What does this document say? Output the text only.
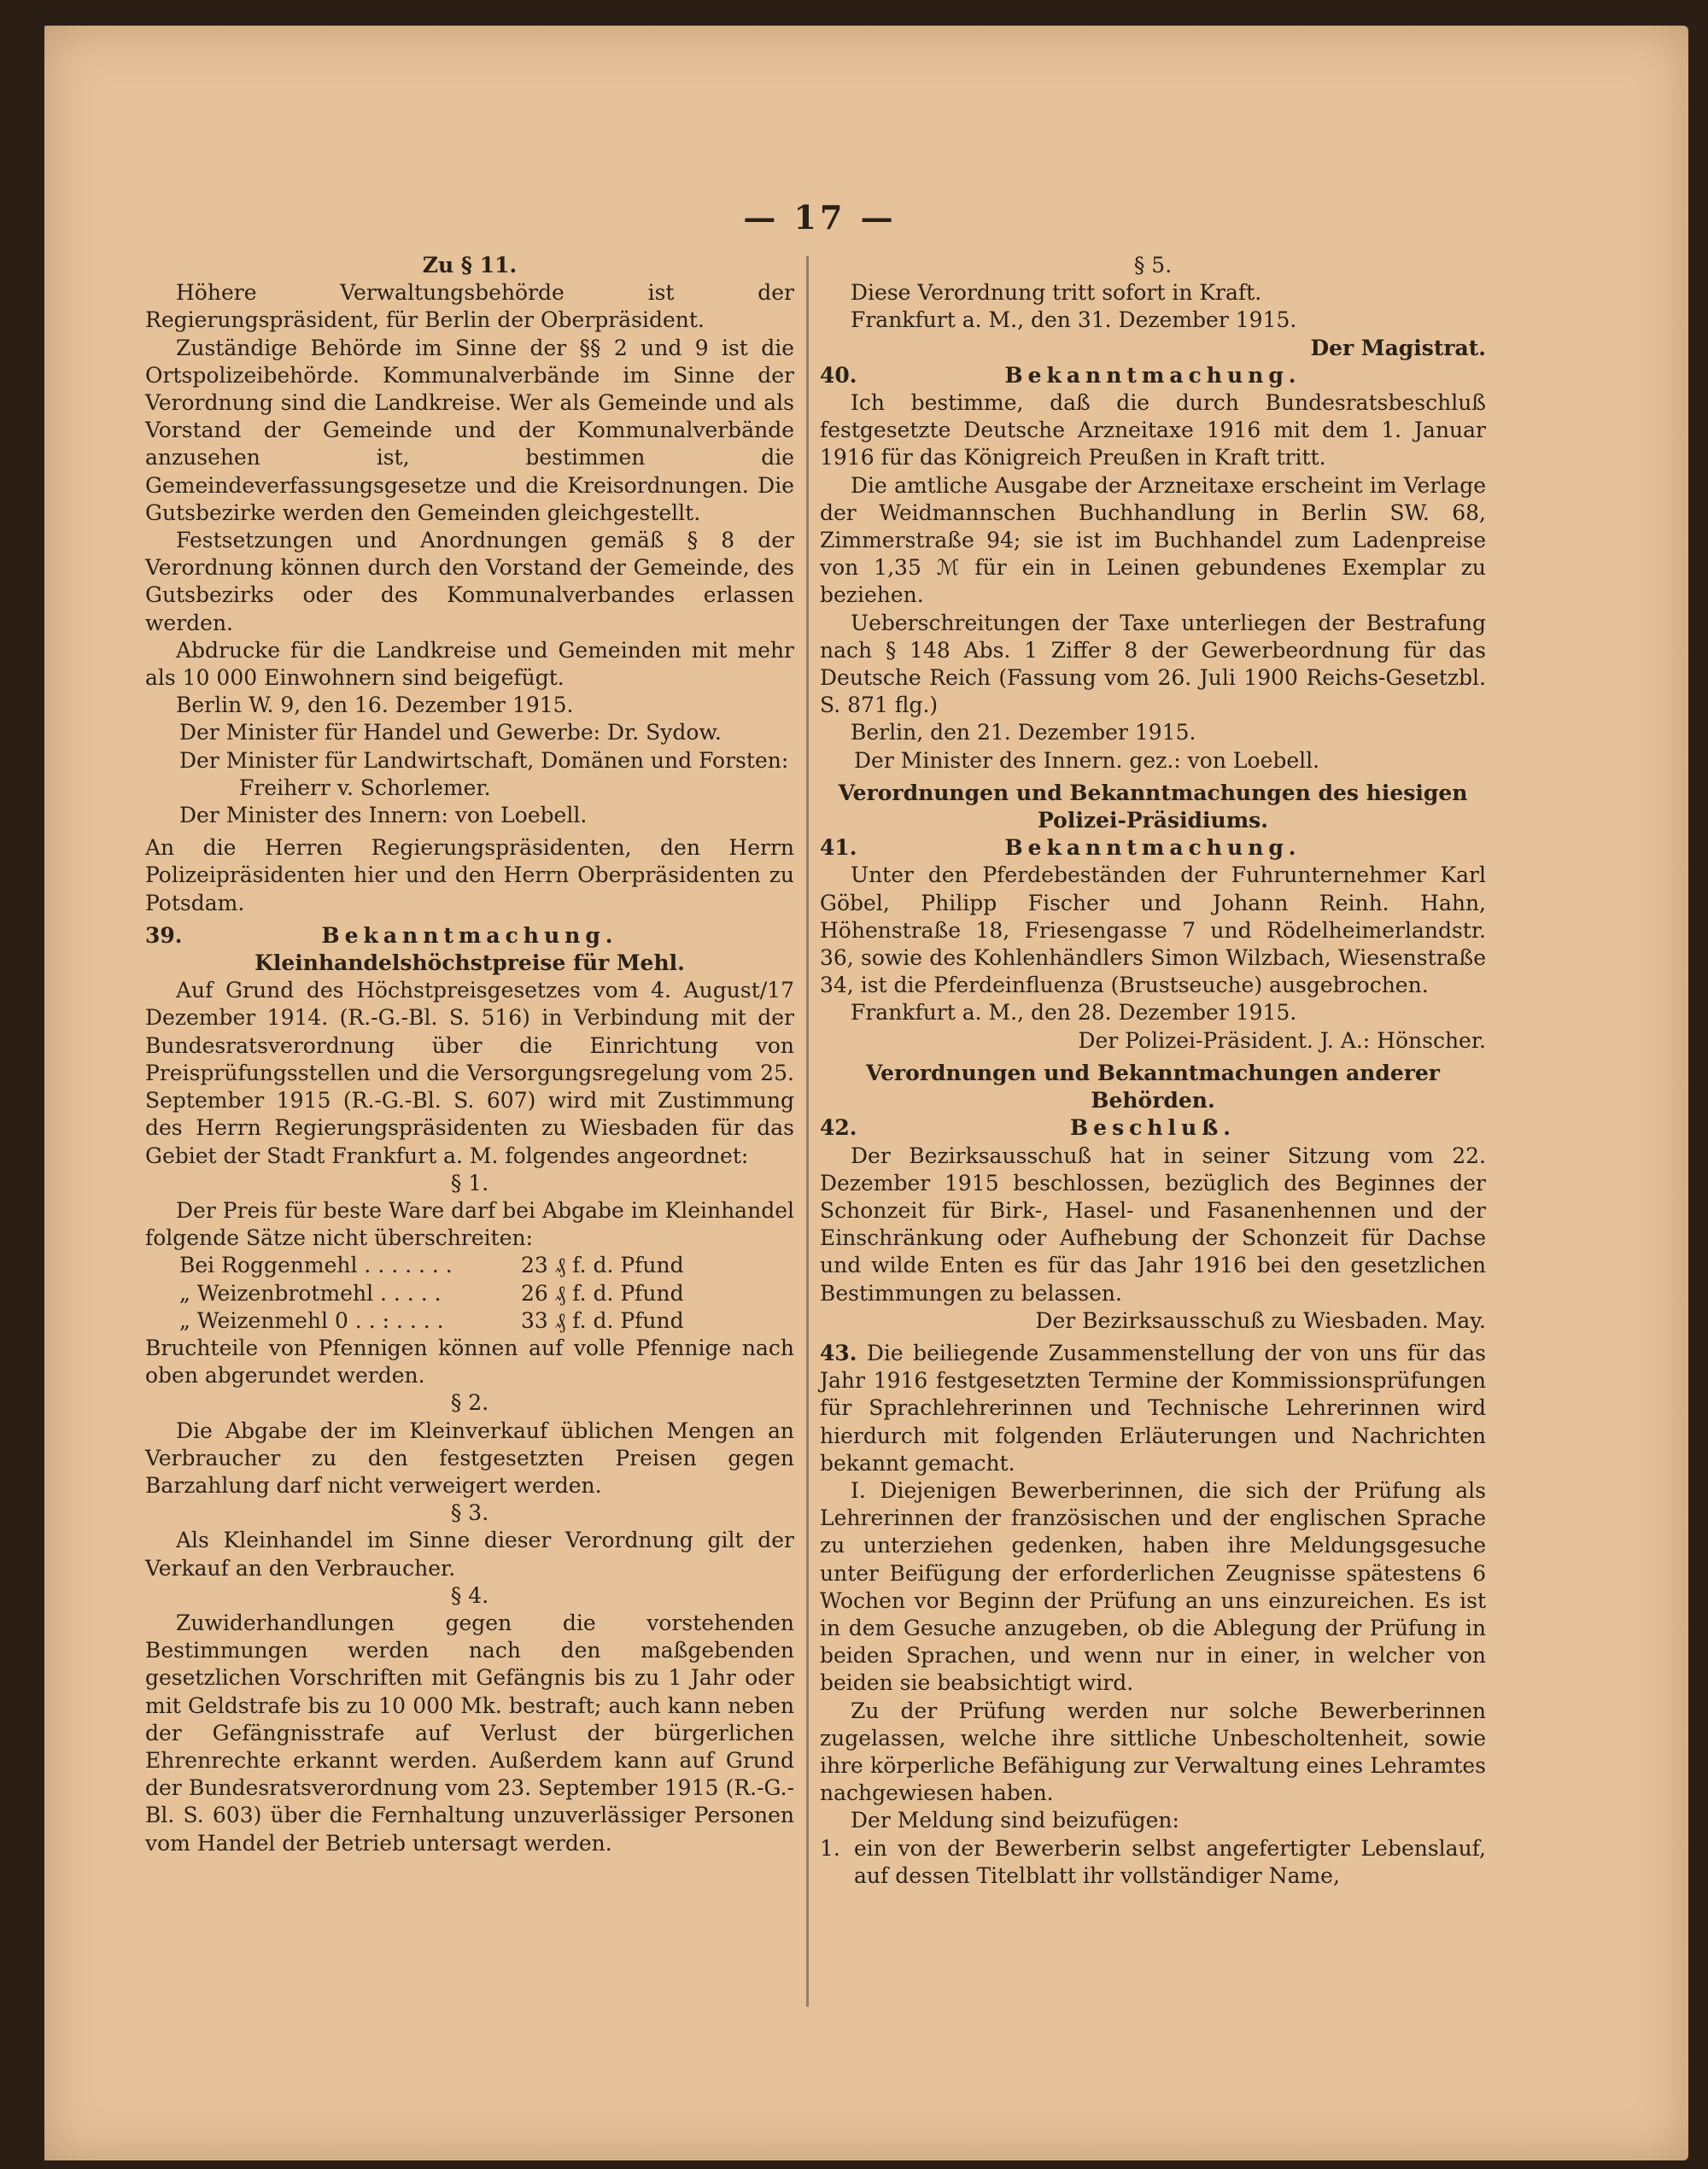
— 17 —

Zu § 11.

Höhere Verwaltungsbehörde ist der Regierungspräsident, für Berlin der Oberpräsident.

Zuständige Behörde im Sinne der §§ 2 und 9 ist die Ortspolizeibehörde. Kommunalverbände im Sinne der Verordnung sind die Landkreise. Wer als Gemeinde und als Vorstand der Gemeinde und der Kommunalverbände anzusehen ist, bestimmen die Gemeindeverfassungsgesetze und die Kreisordnungen. Die Gutsbezirke werden den Gemeinden gleichgestellt.

Festsetzungen und Anordnungen gemäß § 8 der Verordnung können durch den Vorstand der Gemeinde, des Gutsbezirks oder des Kommunalverbandes erlassen werden.

Abdrucke für die Landkreise und Gemeinden mit mehr als 10 000 Einwohnern sind beigefügt.

Berlin W. 9, den 16. Dezember 1915.

Der Minister für Handel und Gewerbe: Dr. Sydow.

Der Minister für Landwirtschaft, Domänen und Forsten:

Freiherr v. Schorlemer.

Der Minister des Innern: von Loebell.

An die Herren Regierungspräsidenten, den Herrn Polizeipräsidenten hier und den Herrn Oberpräsidenten zu Potsdam.

39.	Bekanntmachung.

Kleinhandelshöchstpreise für Mehl.

Auf Grund des Höchstpreisgesetzes vom 4. August/17 Dezember 1914. (R.-G.-Bl. S. 516) in Verbindung mit der Bundesratsverordnung über die Einrichtung von Preisprüfungsstellen und die Versorgungsregelung vom 25. September 1915 (R.-G.-Bl. S. 607) wird mit Zustimmung des Herrn Regierungspräsidenten zu Wiesbaden für das Gebiet der Stadt Frankfurt a. M. folgendes angeordnet:

§ 1.

Der Preis für beste Ware darf bei Abgabe im Kleinhandel folgende Sätze nicht überschreiten:

Bei Roggenmehl . . . . . . .	23 ₰ f. d. Pfund
„ Weizenbrotmehl . . . . .	26 ₰ f. d. Pfund
„ Weizenmehl 0 . . : . . . .	33 ₰ f. d. Pfund

Bruchteile von Pfennigen können auf volle Pfennige nach oben abgerundet werden.

§ 2.

Die Abgabe der im Kleinverkauf üblichen Mengen an Verbraucher zu den festgesetzten Preisen gegen Barzahlung darf nicht verweigert werden.

§ 3.

Als Kleinhandel im Sinne dieser Verordnung gilt der Verkauf an den Verbraucher.

§ 4.

Zuwiderhandlungen gegen die vorstehenden Bestimmungen werden nach den maßgebenden gesetzlichen Vorschriften mit Gefängnis bis zu 1 Jahr oder mit Geldstrafe bis zu 10 000 Mk. bestraft; auch kann neben der Gefängnisstrafe auf Verlust der bürgerlichen Ehrenrechte erkannt werden. Außerdem kann auf Grund der Bundesratsverordnung vom 23. September 1915 (R.-G.-Bl. S. 603) über die Fernhaltung unzuverlässiger Personen vom Handel der Betrieb untersagt werden.

§ 5.

Diese Verordnung tritt sofort in Kraft.

Frankfurt a. M., den 31. Dezember 1915.

Der Magistrat.

40.	Bekanntmachung.

Ich bestimme, daß die durch Bundesratsbeschluß festgesetzte Deutsche Arzneitaxe 1916 mit dem 1. Januar 1916 für das Königreich Preußen in Kraft tritt.

Die amtliche Ausgabe der Arzneitaxe erscheint im Verlage der Weidmannschen Buchhandlung in Berlin SW. 68, Zimmerstraße 94; sie ist im Buchhandel zum Ladenpreise von 1,35 ℳ für ein in Leinen gebundenes Exemplar zu beziehen.

Ueberschreitungen der Taxe unterliegen der Bestrafung nach § 148 Abs. 1 Ziffer 8 der Gewerbeordnung für das Deutsche Reich (Fassung vom 26. Juli 1900 Reichs-Gesetzbl. S. 871 flg.)

Berlin, den 21. Dezember 1915.

Der Minister des Innern. gez.: von Loebell.

Verordnungen und Bekanntmachungen des hiesigen Polizei-Präsidiums.

41.	Bekanntmachung.

Unter den Pferdebeständen der Fuhrunternehmer Karl Göbel, Philipp Fischer und Johann Reinh. Hahn, Höhenstraße 18, Friesengasse 7 und Rödelheimerlandstr. 36, sowie des Kohlenhändlers Simon Wilzbach, Wiesenstraße 34, ist die Pferdeinfluenza (Brustseuche) ausgebrochen.

Frankfurt a. M., den 28. Dezember 1915.

Der Polizei-Präsident. J. A.: Hönscher.

Verordnungen und Bekanntmachungen anderer Behörden.

42.	Beschluß.

Der Bezirksausschuß hat in seiner Sitzung vom 22. Dezember 1915 beschlossen, bezüglich des Beginnes der Schonzeit für Birk-, Hasel- und Fasanenhennen und der Einschränkung oder Aufhebung der Schonzeit für Dachse und wilde Enten es für das Jahr 1916 bei den gesetzlichen Bestimmungen zu belassen.

Der Bezirksausschuß zu Wiesbaden. May.

43. Die beiliegende Zusammenstellung der von uns für das Jahr 1916 festgesetzten Termine der Kommissionsprüfungen für Sprachlehrerinnen und Technische Lehrerinnen wird hierdurch mit folgenden Erläuterungen und Nachrichten bekannt gemacht.

I. Diejenigen Bewerberinnen, die sich der Prüfung als Lehrerinnen der französischen und der englischen Sprache zu unterziehen gedenken, haben ihre Meldungsgesuche unter Beifügung der erforderlichen Zeugnisse spätestens 6 Wochen vor Beginn der Prüfung an uns einzureichen. Es ist in dem Gesuche anzugeben, ob die Ablegung der Prüfung in beiden Sprachen, und wenn nur in einer, in welcher von beiden sie beabsichtigt wird.

Zu der Prüfung werden nur solche Bewerberinnen zugelassen, welche ihre sittliche Unbescholtenheit, sowie ihre körperliche Befähigung zur Verwaltung eines Lehramtes nachgewiesen haben.

Der Meldung sind beizufügen:

1. ein von der Bewerberin selbst angefertigter Lebenslauf, auf dessen Titelblatt ihr vollständiger Name,
